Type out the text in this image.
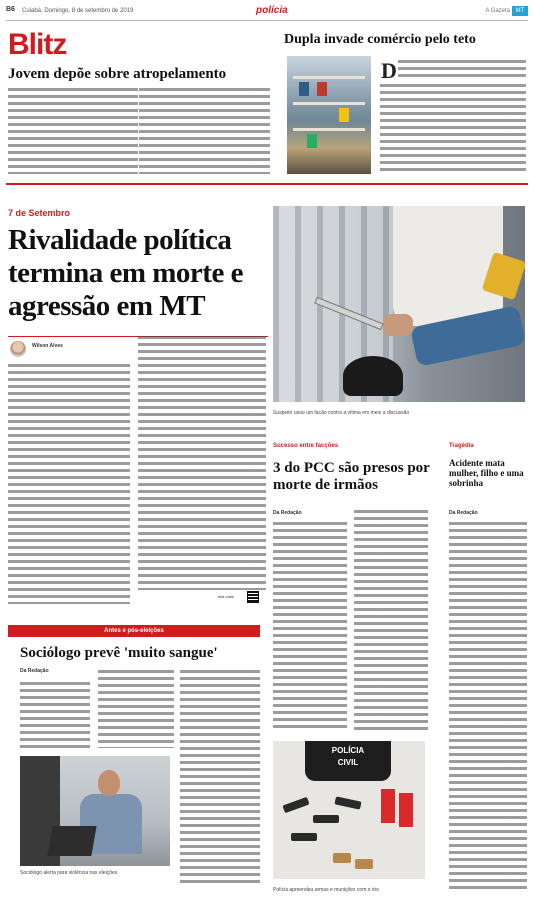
B6 Cuiabá, Domingo, 8 de setembro de 2019	polícia	A Gazeta MT
Blitz
Jovem depõe sobre atropelamento
Dupla invade comércio pelo teto
D
7 de Setembro
Rivalidade política termina em morte e agressão em MT
Wilson Alves
leia mais
Suspeito usou um facão contra a vítima em meio a discussão
Sucesso entre facções
3 do PCC são presos por morte de irmãos
Da Redação
POLÍCIA
CIVIL
Polícia apreendeu armas e munições com o trio
Tragédia
Acidente mata mulher, filho e uma sobrinha
Da Redação
Antes e pós-eleições
Sociólogo prevê 'muito sangue'
Da Redação
Sociólogo alerta para violência nas eleições
